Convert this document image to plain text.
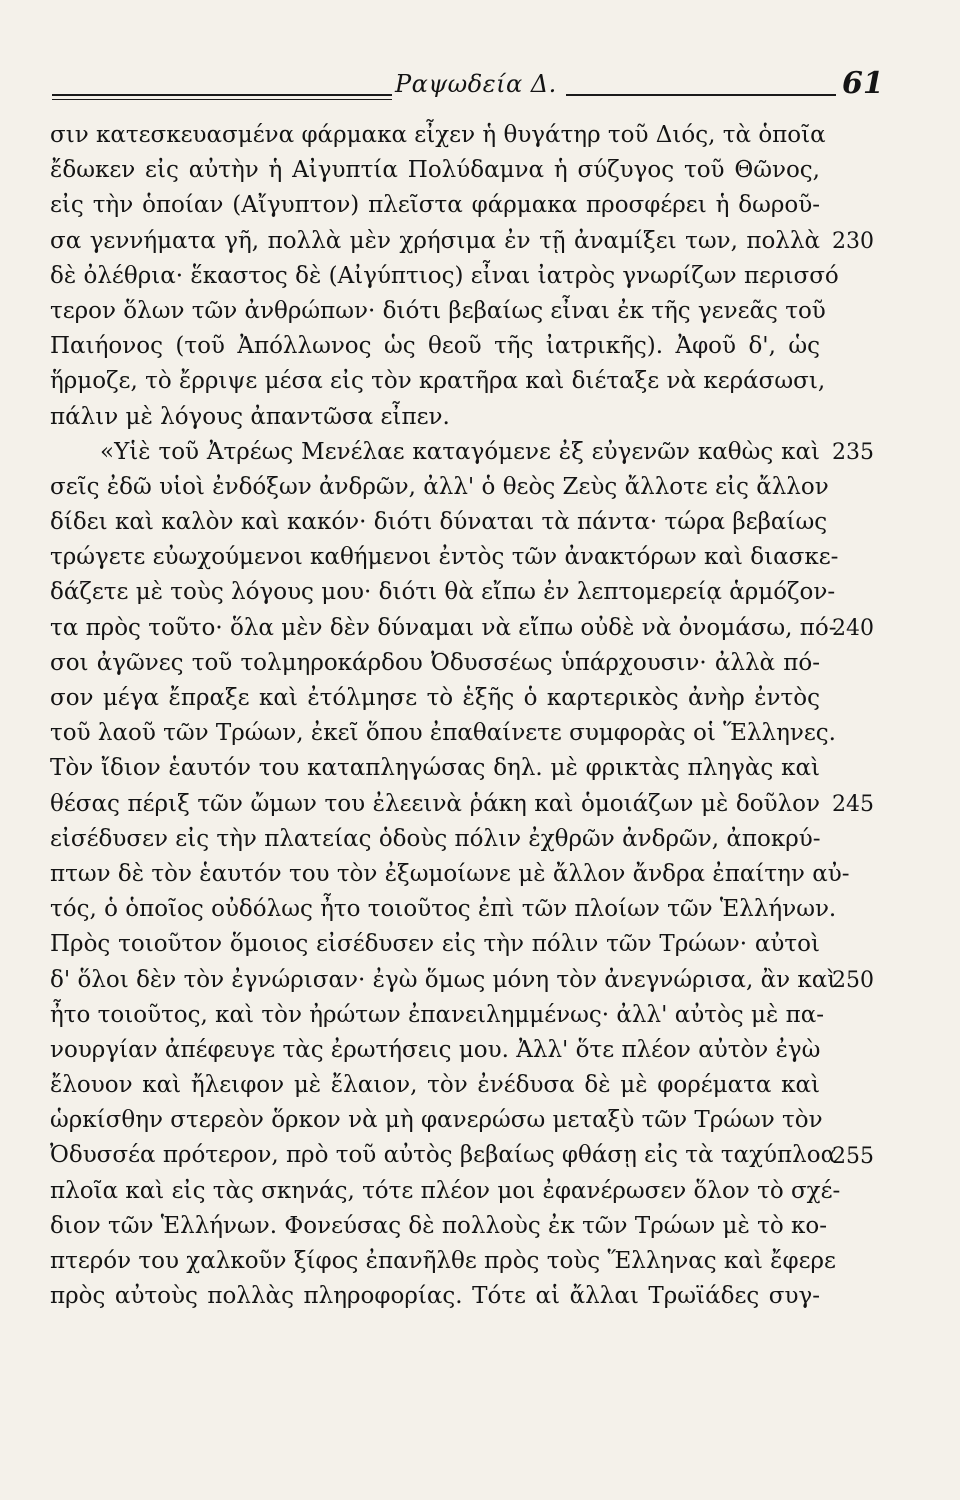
Ραψωδεία Δ.	61
σιν κατεσκευασμένα φάρμακα εἶχεν ἡ θυγάτηρ τοῦ Διός, τὰ ὁποῖα
ἔδωκεν εἰς αὐτὴν ἡ Αἰγυπτία Πολύδαμνα ἡ σύζυγος τοῦ Θῶνος,
εἰς τὴν ὁποίαν (Αἴγυπτον) πλεῖστα φάρμακα προσφέρει ἡ δωροῦ-
σα γεννήματα γῆ, πολλὰ μὲν χρήσιμα ἐν τῇ ἀναμίξει των, πολλὰ
δὲ ὀλέθρια· ἕκαστος δὲ (Αἰγύπτιος) εἶναι ἰατρὸς γνωρίζων περισσό
τερον ὅλων τῶν ἀνθρώπων· διότι βεβαίως εἶναι ἐκ τῆς γενεᾶς τοῦ
Παιήονος (τοῦ Ἀπόλλωνος ὡς θεοῦ τῆς ἰατρικῆς). Ἀφοῦ δ', ὡς
ἥρμοζε, τὸ ἔρριψε μέσα εἰς τὸν κρατῆρα καὶ διέταξε νὰ κεράσωσι,
πάλιν μὲ λόγους ἀπαντῶσα εἶπεν.
«Υἱὲ τοῦ Ἀτρέως Μενέλαε καταγόμενε ἐξ εὐγενῶν καθὼς καὶ
σεῖς ἐδῶ υἱοὶ ἐνδόξων ἀνδρῶν, ἀλλ' ὁ θεὸς Ζεὺς ἄλλοτε εἰς ἄλλον
δίδει καὶ καλὸν καὶ κακόν· διότι δύναται τὰ πάντα· τώρα βεβαίως
τρώγετε εὐωχούμενοι καθήμενοι ἐντὸς τῶν ἀνακτόρων καὶ διασκε-
δάζετε μὲ τοὺς λόγους μου· διότι θὰ εἴπω ἐν λεπτομερείᾳ ἁρμόζον-
τα πρὸς τοῦτο· ὅλα μὲν δὲν δύναμαι νὰ εἴπω οὐδὲ νὰ ὀνομάσω, πό-
σοι ἀγῶνες τοῦ τολμηροκάρδου Ὀδυσσέως ὑπάρχουσιν· ἀλλὰ πό-
σον μέγα ἔπραξε καὶ ἐτόλμησε τὸ ἑξῆς ὁ καρτερικὸς ἀνὴρ ἐντὸς
τοῦ λαοῦ τῶν Τρώων, ἐκεῖ ὅπου ἐπαθαίνετε συμφορὰς οἱ Ἕλληνες.
Τὸν ἴδιον ἑαυτόν του καταπληγώσας δηλ. μὲ φρικτὰς πληγὰς καὶ
θέσας πέριξ τῶν ὤμων του ἐλεεινὰ ῥάκη καὶ ὁμοιάζων μὲ δοῦλον
εἰσέδυσεν εἰς τὴν πλατείας ὁδοὺς πόλιν ἐχθρῶν ἀνδρῶν, ἀποκρύ-
πτων δὲ τὸν ἑαυτόν του τὸν ἐξωμοίωνε μὲ ἄλλον ἄνδρα ἐπαίτην αὐ-
τός, ὁ ὁποῖος οὐδόλως ἦτο τοιοῦτος ἐπὶ τῶν πλοίων τῶν Ἑλλήνων.
Πρὸς τοιοῦτον ὅμοιος εἰσέδυσεν εἰς τὴν πόλιν τῶν Τρώων· αὐτοὶ
δ' ὅλοι δὲν τὸν ἐγνώρισαν· ἐγὼ ὅμως μόνη τὸν ἀνεγνώρισα, ἂν καὶ
ἦτο τοιοῦτος, καὶ τὸν ἠρώτων ἐπανειλημμένως· ἀλλ' αὐτὸς μὲ πα-
νουργίαν ἀπέφευγε τὰς ἐρωτήσεις μου. Ἀλλ' ὅτε πλέον αὐτὸν ἐγὼ
ἔλουον καὶ ἤλειφον μὲ ἔλαιον, τὸν ἐνέδυσα δὲ μὲ φορέματα καὶ
ὡρκίσθην στερεὸν ὅρκον νὰ μὴ φανερώσω μεταξὺ τῶν Τρώων τὸν
Ὀδυσσέα πρότερον, πρὸ τοῦ αὐτὸς βεβαίως φθάσῃ εἰς τὰ ταχύπλοα
πλοῖα καὶ εἰς τὰς σκηνάς, τότε πλέον μοι ἐφανέρωσεν ὅλον τὸ σχέ-
διον τῶν Ἑλλήνων. Φονεύσας δὲ πολλοὺς ἐκ τῶν Τρώων μὲ τὸ κο-
πτερόν του χαλκοῦν ξίφος ἐπανῆλθε πρὸς τοὺς Ἕλληνας καὶ ἔφερε
πρὸς αὐτοὺς πολλὰς πληροφορίας. Τότε αἱ ἄλλαι Τρωϊάδες συγ-
230
235
240
245
250
255
